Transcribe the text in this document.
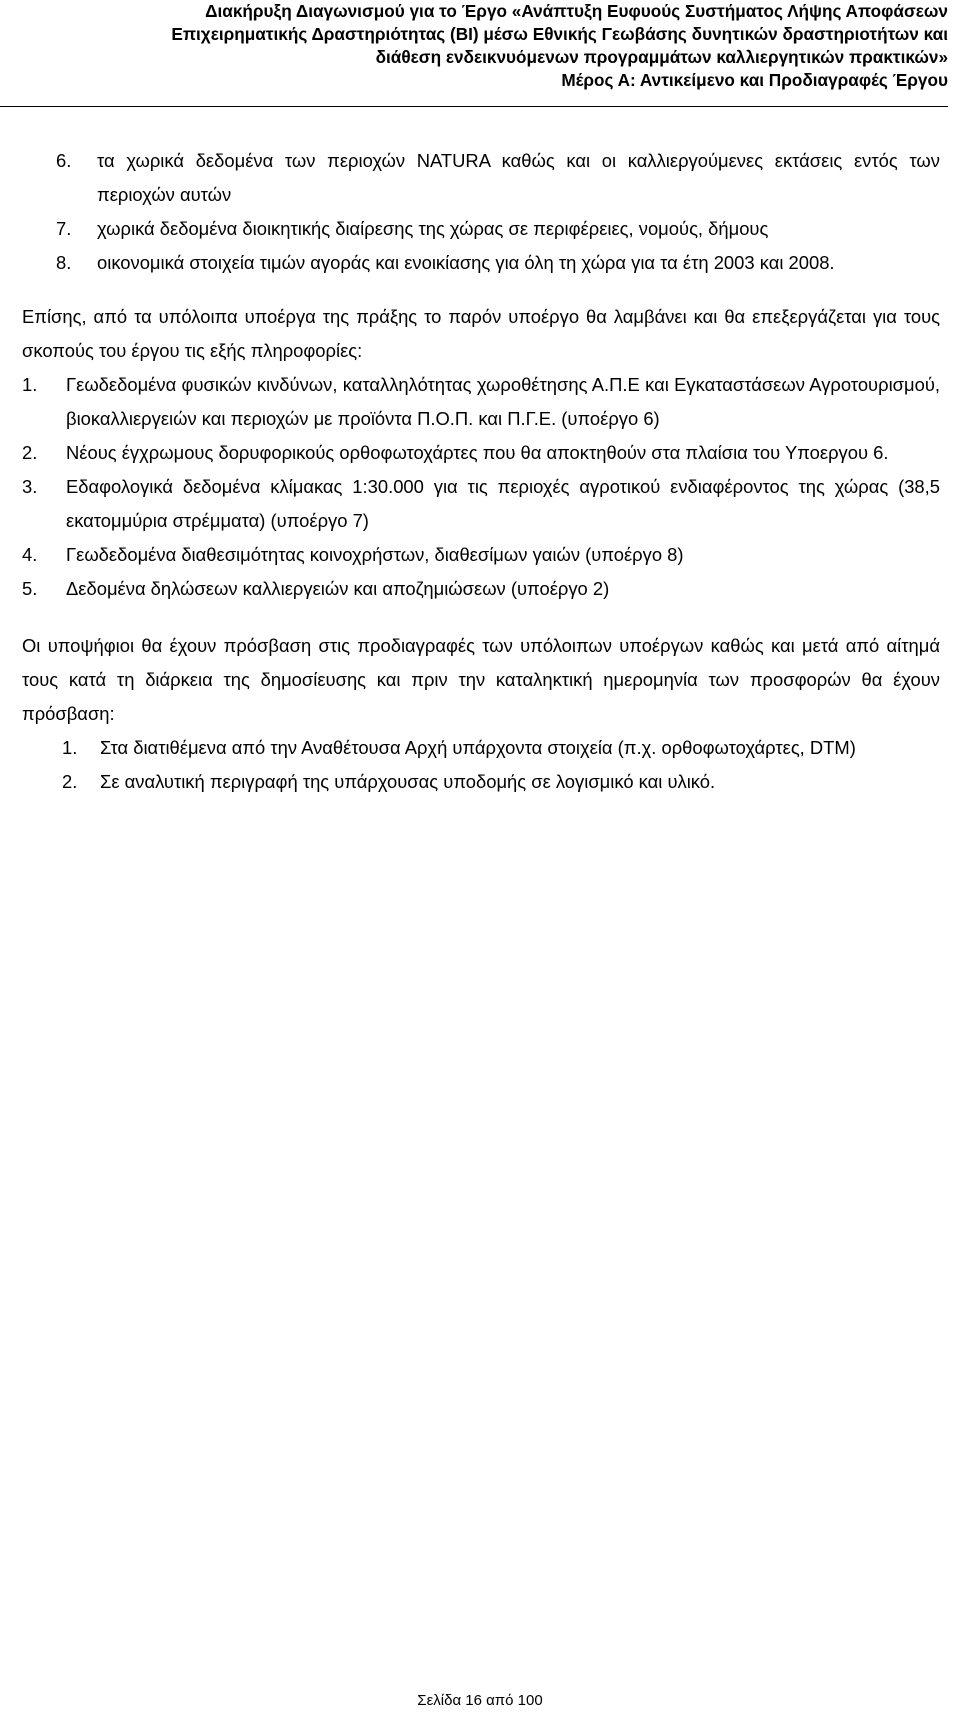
Διακήρυξη Διαγωνισμού για το Έργο «Ανάπτυξη Ευφυούς Συστήματος Λήψης Αποφάσεων
Επιχειρηματικής Δραστηριότητας (BI) μέσω Εθνικής Γεωβάσης δυνητικών δραστηριοτήτων και
διάθεση ενδεικνυόμενων προγραμμάτων καλλιεργητικών πρακτικών»
Μέρος Α: Αντικείμενο και Προδιαγραφές Έργου
6. τα χωρικά δεδομένα των περιοχών NATURA καθώς και οι καλλιεργούμενες εκτάσεις εντός των περιοχών αυτών
7. χωρικά δεδομένα διοικητικής διαίρεσης της χώρας σε περιφέρειες, νομούς, δήμους
8. οικονομικά στοιχεία τιμών αγοράς και ενοικίασης για όλη τη χώρα για τα έτη 2003 και 2008.

Επίσης, από τα υπόλοιπα υποέργα της πράξης το παρόν υποέργο θα λαμβάνει και θα επεξεργάζεται για τους σκοπούς του έργου τις εξής πληροφορίες:

1. Γεωδεδομένα φυσικών κινδύνων, καταλληλότητας χωροθέτησης Α.Π.Ε και Εγκαταστάσεων Αγροτουρισμού, βιοκαλλιεργειών και περιοχών με προϊόντα Π.Ο.Π. και Π.Γ.Ε. (υποέργο 6)
2. Νέους έγχρωμους δορυφορικούς ορθοφωτοχάρτες που θα αποκτηθούν στα πλαίσια του Υποεργου 6.
3. Εδαφολογικά δεδομένα κλίμακας 1:30.000 για τις περιοχές αγροτικού ενδιαφέροντος της χώρας (38,5 εκατομμύρια στρέμματα) (υποέργο 7)
4. Γεωδεδομένα διαθεσιμότητας κοινοχρήστων, διαθεσίμων γαιών (υποέργο 8)
5. Δεδομένα δηλώσεων καλλιεργειών και αποζημιώσεων (υποέργο 2)

Οι υποψήφιοι θα έχουν πρόσβαση στις προδιαγραφές των υπόλοιπων υποέργων καθώς και μετά από αίτημά τους κατά τη διάρκεια της δημοσίευσης και πριν την καταληκτική ημερομηνία των προσφορών θα έχουν πρόσβαση:

1. Στα διατιθέμενα από την Αναθέτουσα Αρχή υπάρχοντα στοιχεία (π.χ. ορθοφωτοχάρτες, DTM)
2. Σε αναλυτική περιγραφή της υπάρχουσας υποδομής σε λογισμικό και υλικό.
Σελίδα 16 από 100
